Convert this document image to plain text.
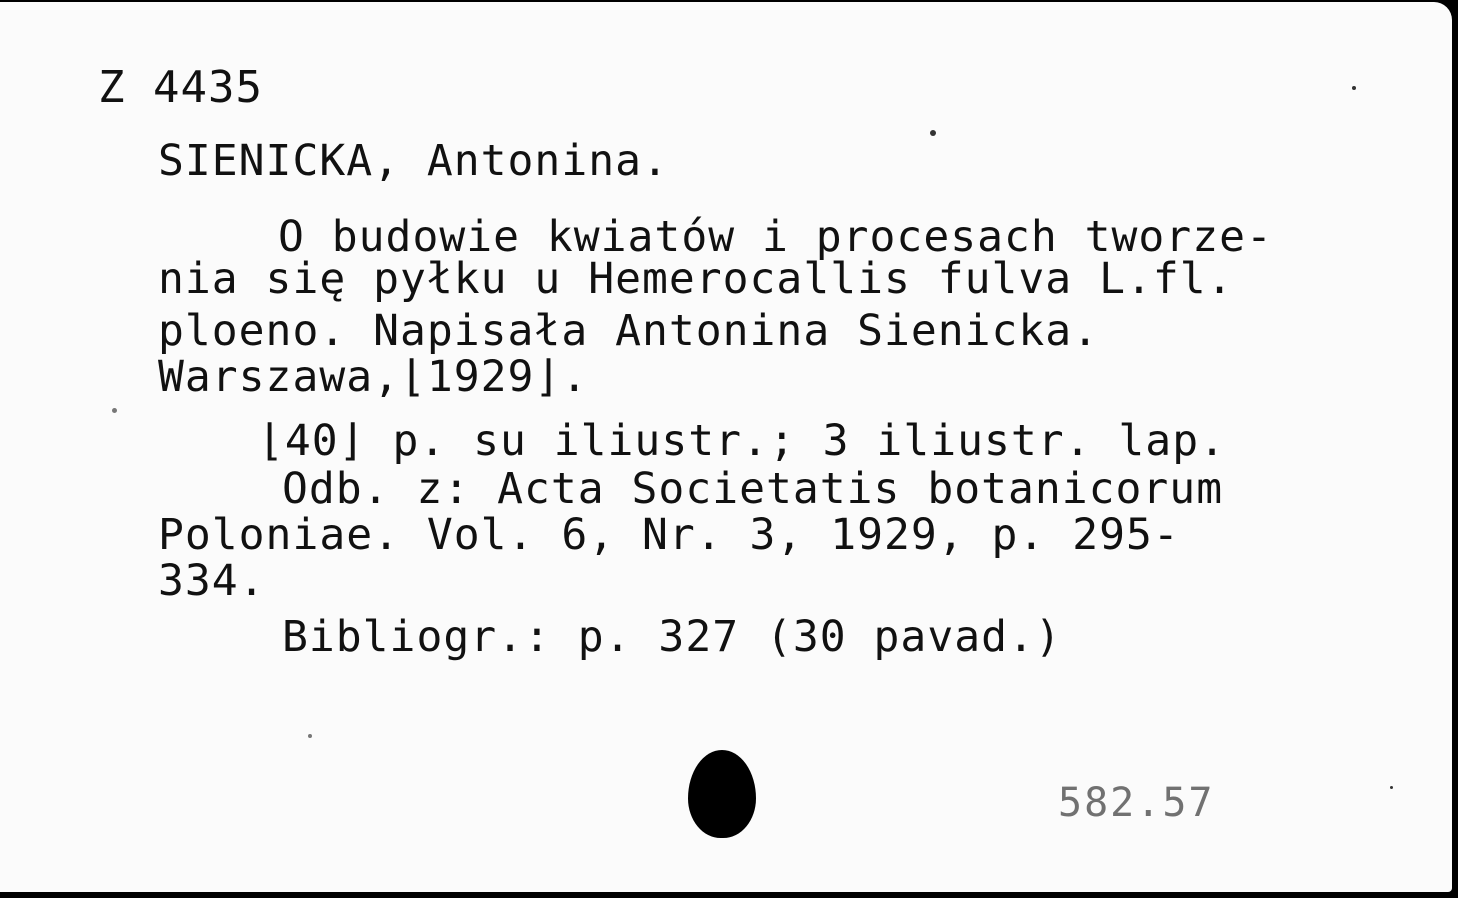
Z 4435
SIENICKA, Antonina.
O budowie kwiatów i procesach tworze-
nia się pyłku u Hemerocallis fulva L.fl.
ploeno. Napisała Antonina Sienicka.
Warszawa,⌊1929⌋.
⌊40⌋ p. su iliustr.; 3 iliustr. lap.
Odb. z: Acta Societatis botanicorum
Poloniae. Vol. 6, Nr. 3, 1929, p. 295-
334.
Bibliogr.: p. 327 (30 pavad.)
582.57
